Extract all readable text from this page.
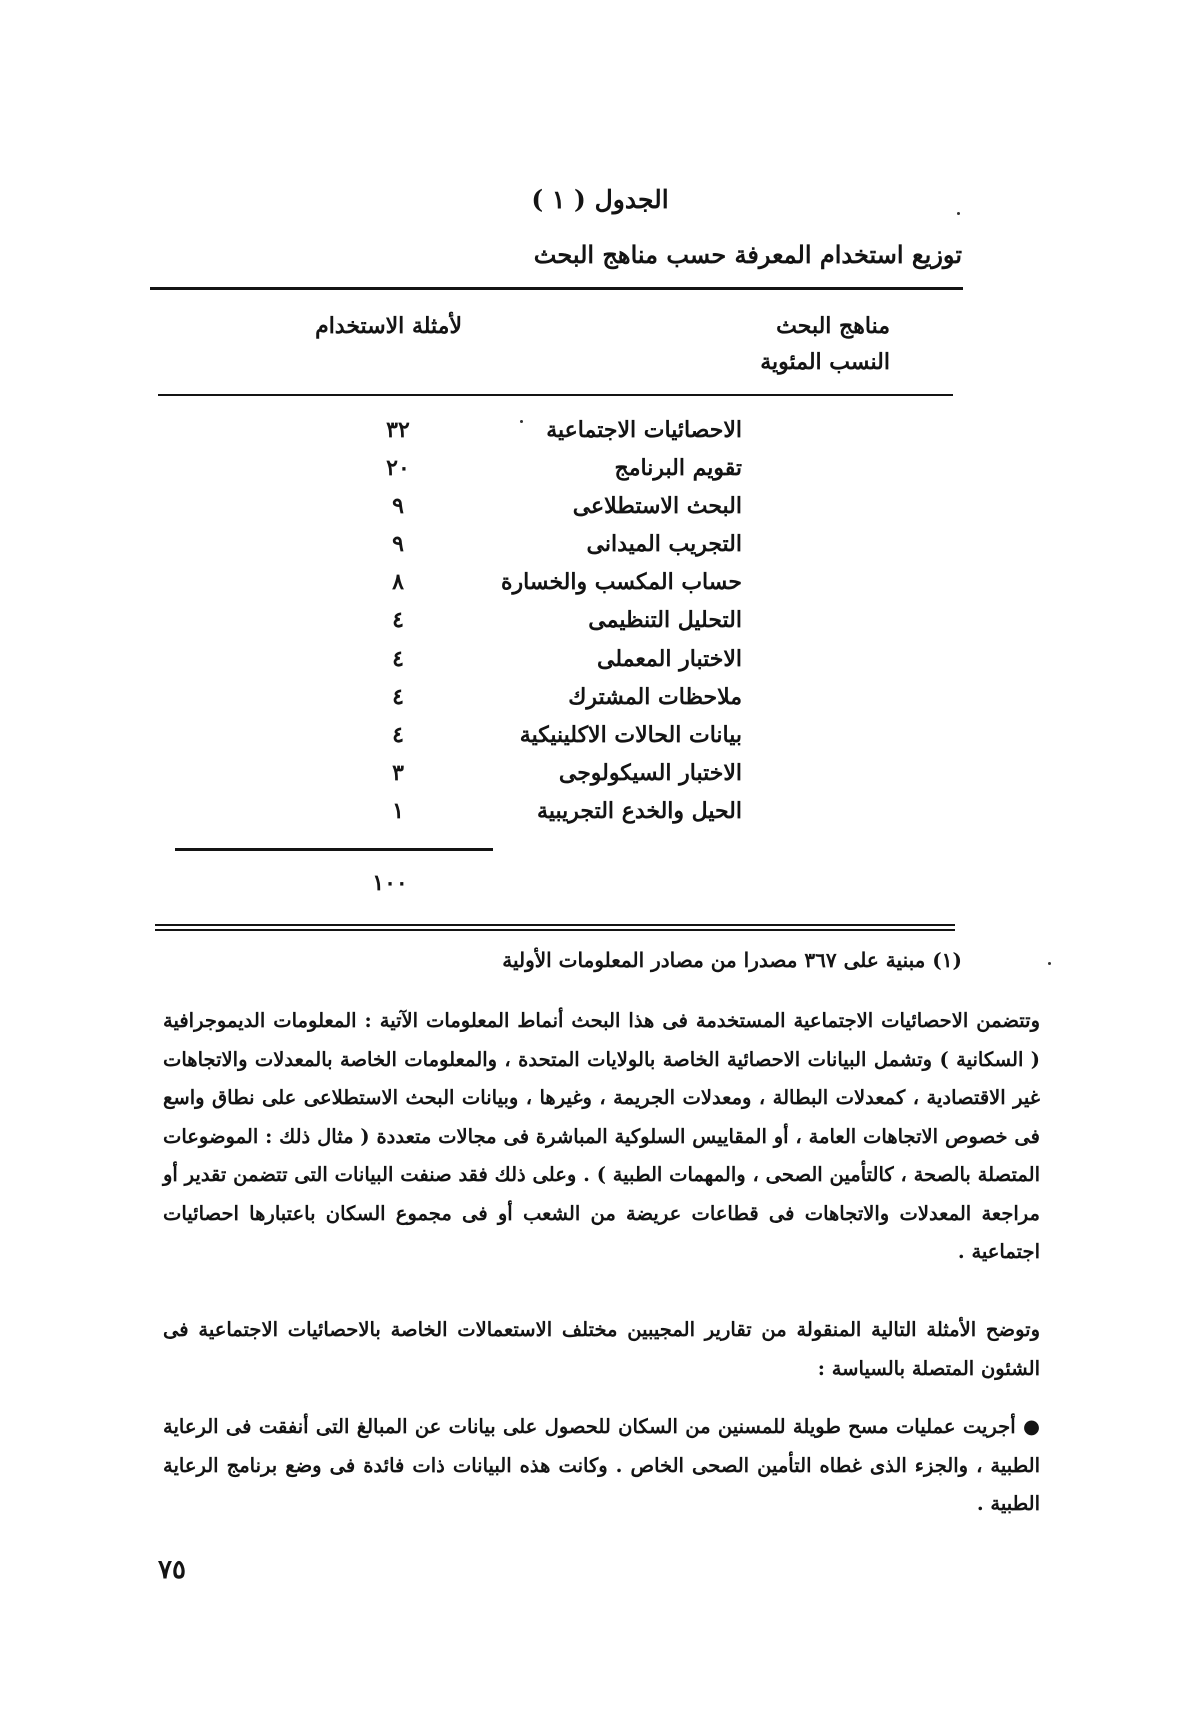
الجدول ( ١ )
توزيع استخدام المعرفة حسب مناهج البحث
مناهج البحث
النسب المئوية
لأمثلة الاستخدام
الاحصائيات الاجتماعية
٣٢
تقويم البرنامج
٢٠
البحث الاستطلاعى
٩
التجريب الميدانى
٩
حساب المكسب والخسارة
٨
التحليل التنظيمى
٤
الاختبار المعملى
٤
ملاحظات المشترك
٤
بيانات الحالات الاكلينيكية
٤
الاختبار السيكولوجى
٣
الحيل والخدع التجريبية
١
١٠٠
(١) مبنية على ٣٦٧ مصدرا من مصادر المعلومات الأولية
وتتضمن الاحصائيات الاجتماعية المستخدمة فى هذا البحث أنماط المعلومات الآتية : المعلومات الديموجرافية ( السكانية ) وتشمل البيانات الاحصائية الخاصة بالولايات المتحدة ، والمعلومات الخاصة بالمعدلات والاتجاهات غير الاقتصادية ، كمعدلات البطالة ، ومعدلات الجريمة ، وغيرها ، وبيانات البحث الاستطلاعى على نطاق واسع فى خصوص الاتجاهات العامة ، أو المقاييس السلوكية المباشرة فى مجالات متعددة ( مثال ذلك : الموضوعات المتصلة بالصحة ، كالتأمين الصحى ، والمهمات الطبية ) . وعلى ذلك فقد صنفت البيانات التى تتضمن تقدير أو مراجعة المعدلات والاتجاهات فى قطاعات عريضة من الشعب أو فى مجموع السكان باعتبارها احصائيات اجتماعية .
وتوضح الأمثلة التالية المنقولة من تقارير المجيبين مختلف الاستعمالات الخاصة بالاحصائيات الاجتماعية فى الشئون المتصلة بالسياسة :
● أجريت عمليات مسح طويلة للمسنين من السكان للحصول على بيانات عن المبالغ التى أنفقت فى الرعاية الطبية ، والجزء الذى غطاه التأمين الصحى الخاص . وكانت هذه البيانات ذات فائدة فى وضع برنامج الرعاية الطبية .
٧٥
